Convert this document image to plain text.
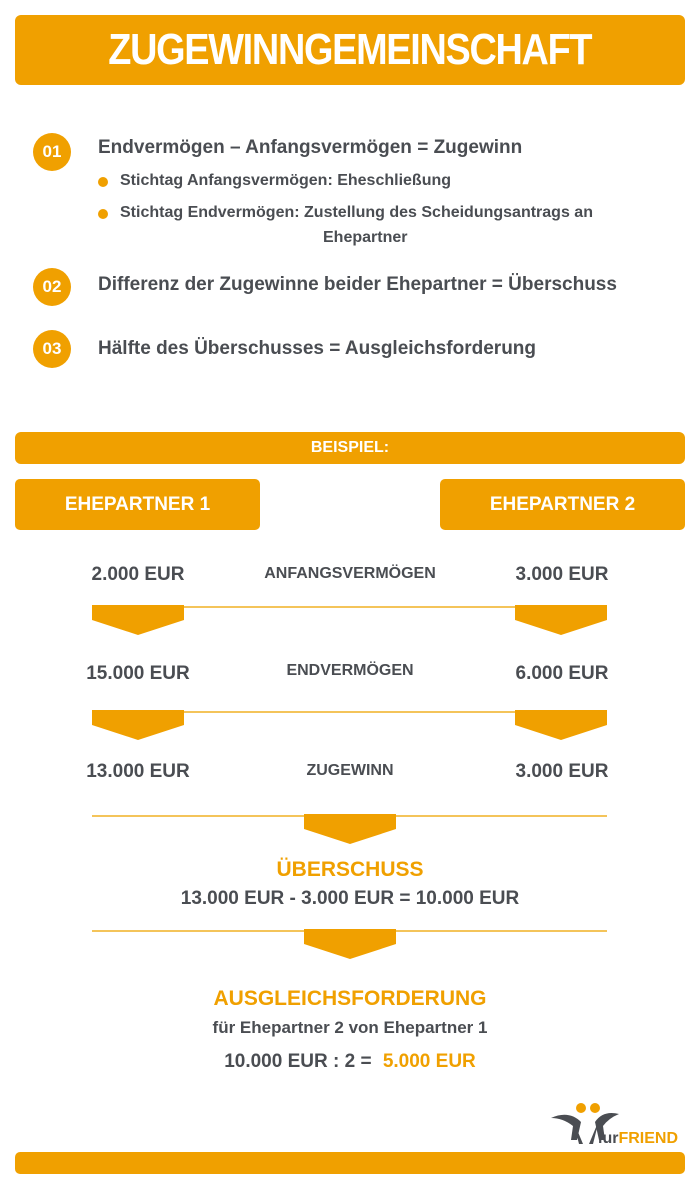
ZUGEWINNGEMEINSCHAFT
01	Endvermögen – Anfangsvermögen = Zugewinn
Stichtag Anfangsvermögen: Eheschließung
Stichtag Endvermögen: Zustellung des Scheidungsantrags an
Ehepartner
02	Differenz der Zugewinne beider Ehepartner = Überschuss
03	Hälfte des Überschusses = Ausgleichsforderung
BEISPIEL:
EHEPARTNER 1	EHEPARTNER 2
2.000 EUR	ANFANGSVERMÖGEN	3.000 EUR
15.000 EUR	ENDVERMÖGEN	6.000 EUR
13.000 EUR	ZUGEWINN	3.000 EUR
ÜBERSCHUSS
13.000 EUR - 3.000 EUR = 10.000 EUR
AUSGLEICHSFORDERUNG
für Ehepartner 2 von Ehepartner 1
10.000 EUR : 2 = 5.000 EUR
iurFRIEND
